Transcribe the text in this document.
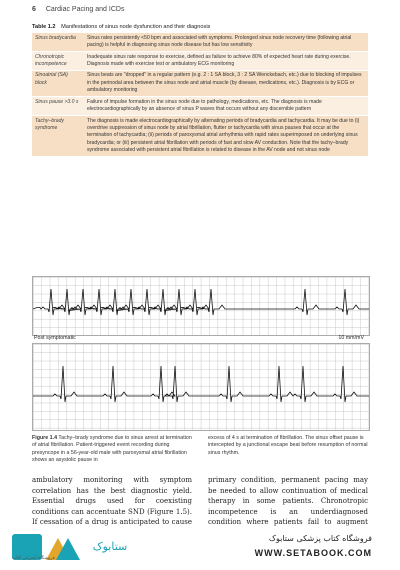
6 Cardiac Pacing and ICDs
Table 1.2 Manifestations of sinus node dysfunction and their diagnosis
Sinus bradycardia	Sinus rates persistently <50 bpm and associated with symptoms. Prolonged sinus node recovery time (following atrial pacing) is helpful in diagnosing sinus node disease but has low sensitivity
Chronotropic incompetence	Inadequate sinus rate response to exercise, defined as failure to achieve 80% of expected heart rate during exercise. Diagnosis made with exercise test or ambulatory ECG monitoring
Sinoatrial (SA) block	Sinus beats are "dropped" in a regular pattern (e.g. 2 : 1 SA block, 3 : 2 SA Wenckebach, etc.) due to blocking of impulses in the perinodal area between the sinus node and atrial muscle (by disease, medications, etc.). Diagnosis is by ECG or ambulatory monitoring
Sinus pause >3.0 s	Failure of impulse formation in the sinus node due to pathology, medications, etc. The diagnosis is made electrocardiographically by an absence of sinus P waves that occurs without any discernible pattern
Tachy–brady syndrome	The diagnosis is made electrocardiographically by alternating periods of bradycardia and tachycardia. It may be due to (i) overdrive suppression of sinus node by atrial fibrillation, flutter or tachycardia with sinus pauses that occur at the termination of tachycardia; (ii) periods of paroxysmal atrial arrhythmia with rapid rates superimposed on underlying sinus bradycardia; or (iii) persistent atrial fibrillation with periods of fast and slow AV conduction. Note that the tachy–brady syndrome associated with persistent atrial fibrillation is related to disease in the AV node and not sinus node
Post symptomatic	10 mm/mV
Figure 1.4 Tachy–brady syndrome due to sinus arrest at termination of atrial fibrillation. Patient-triggered event recording during presyncope in a 56-year-old male with paroxysmal atrial fibrillation shows an asystolic pause in
excess of 4 s at termination of fibrillation. The sinus offset pause is intercepted by a junctional escape beat before resumption of normal sinus rhythm.
ambulatory monitoring with symptom correlation has the best diagnostic yield. Essential drugs used for coexisting conditions can accentuate SND (Figure 1.5). If cessation of a drug is anticipated to cause
primary condition, permanent pacing may be needed to allow continuation of medical therapy in some patients. Chronotropic incompetence is an underdiagnosed condition where patients fail to augment
ستابوک
فروشگاه اینترنتی کتاب
فروشگاه کتاب پزشکی ستابوک
WWW.SETABOOK.COM
